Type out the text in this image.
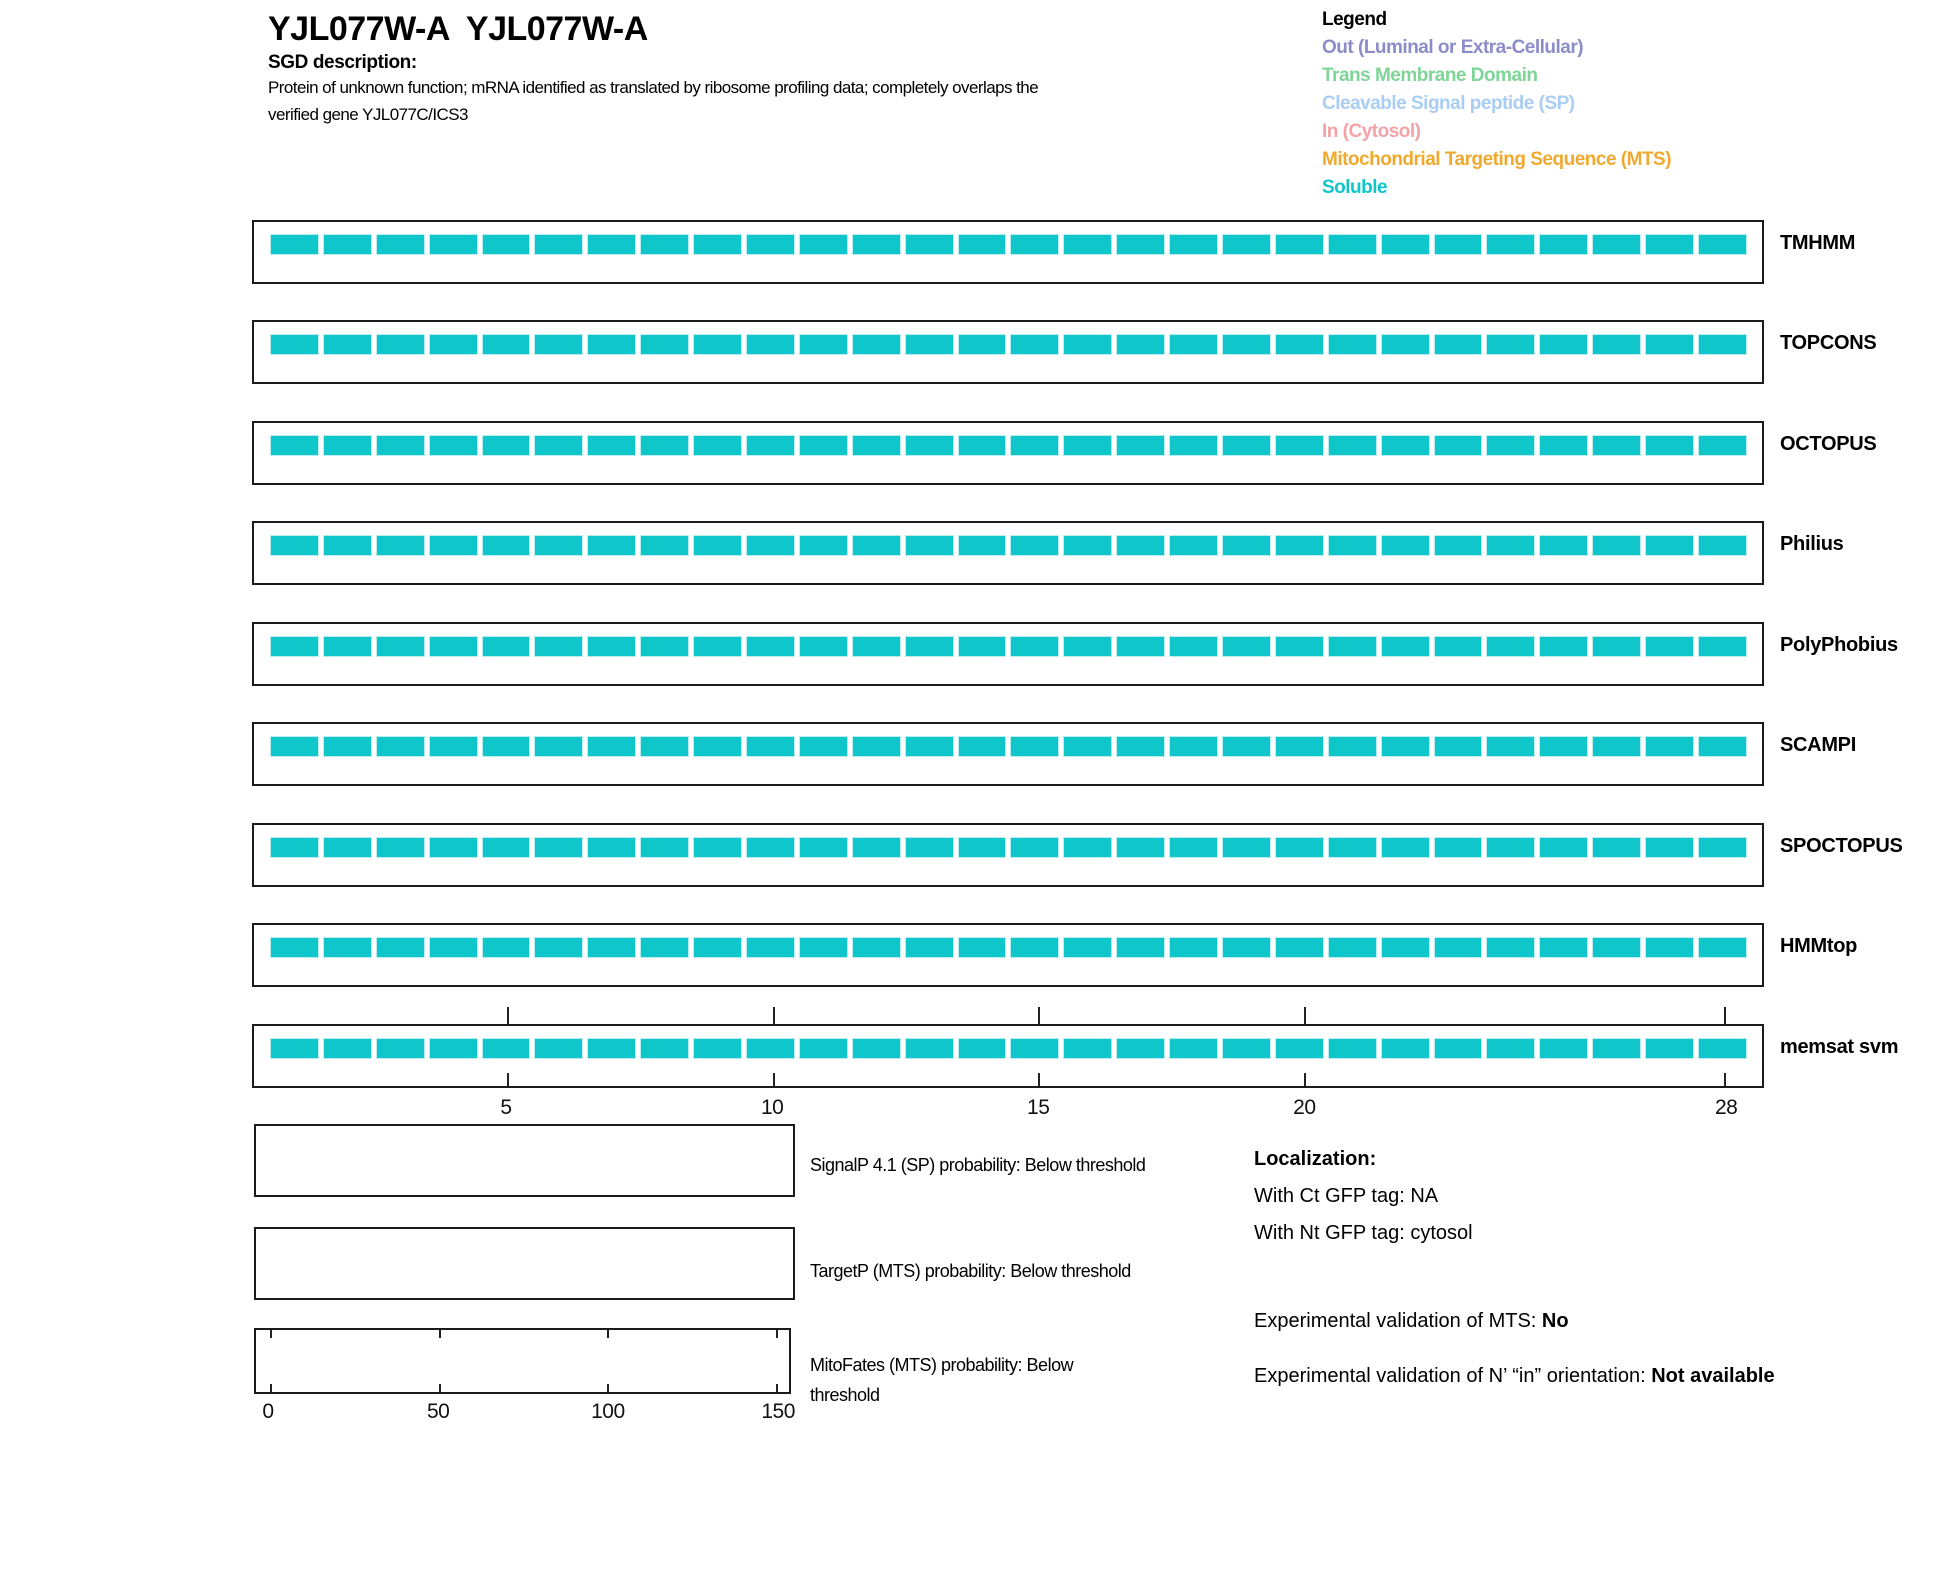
YJL077W-A  YJL077W-A
SGD description:
Protein of unknown function; mRNA identified as translated by ribosome profiling data; completely overlaps the verified gene YJL077C/ICS3
Legend
Out (Luminal or Extra-Cellular)
Trans Membrane Domain
Cleavable Signal peptide (SP)
In (Cytosol)
Mitochondrial Targeting Sequence (MTS)
Soluble
TMHMM
TOPCONS
OCTOPUS
Philius
PolyPhobius
SCAMPI
SPOCTOPUS
HMMtop
memsat svm
5	10	15	20	28
SignalP 4.1 (SP) probability: Below threshold
TargetP (MTS) probability: Below threshold
MitoFates (MTS) probability: Below threshold
0	50	100	150
Localization:
With Ct GFP tag: NA
With Nt GFP tag: cytosol
Experimental validation of MTS: No
Experimental validation of N’ “in” orientation: Not available
